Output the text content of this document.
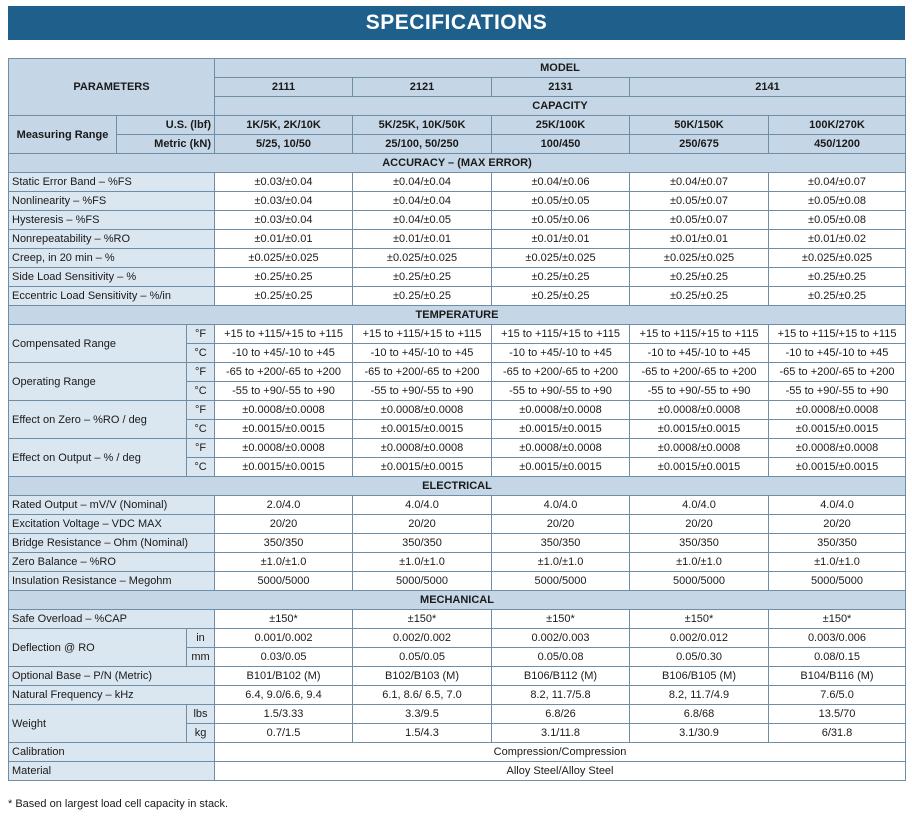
SPECIFICATIONS
PARAMETERS			MODEL				
			2111	2121	2131	2141	
			CAPACITY				
Measuring Range	U.S. (lbf)		1K/5K, 2K/10K	5K/25K, 10K/50K	25K/100K	50K/150K	100K/270K
	Metric (kN)		5/25, 10/50	25/100, 50/250	100/450	250/675	450/1200
ACCURACY – (MAX ERROR)							
Static Error Band – %FS			±0.03/±0.04	±0.04/±0.04	±0.04/±0.06	±0.04/±0.07	±0.04/±0.07
Nonlinearity – %FS			±0.03/±0.04	±0.04/±0.04	±0.05/±0.05	±0.05/±0.07	±0.05/±0.08
Hysteresis – %FS			±0.03/±0.04	±0.04/±0.05	±0.05/±0.06	±0.05/±0.07	±0.05/±0.08
Nonrepeatability – %RO			±0.01/±0.01	±0.01/±0.01	±0.01/±0.01	±0.01/±0.01	±0.01/±0.02
Creep, in 20 min – %			±0.025/±0.025	±0.025/±0.025	±0.025/±0.025	±0.025/±0.025	±0.025/±0.025
Side Load Sensitivity – %			±0.25/±0.25	±0.25/±0.25	±0.25/±0.25	±0.25/±0.25	±0.25/±0.25
Eccentric Load Sensitivity – %/in			±0.25/±0.25	±0.25/±0.25	±0.25/±0.25	±0.25/±0.25	±0.25/±0.25
TEMPERATURE							
Compensated Range		°F	+15 to +115/+15 to +115	+15 to +115/+15 to +115	+15 to +115/+15 to +115	+15 to +115/+15 to +115	+15 to +115/+15 to +115
		°C	-10 to +45/-10 to +45	-10 to +45/-10 to +45	-10 to +45/-10 to +45	-10 to +45/-10 to +45	-10 to +45/-10 to +45
Operating Range		°F	-65 to +200/-65 to +200	-65 to +200/-65 to +200	-65 to +200/-65 to +200	-65 to +200/-65 to +200	-65 to +200/-65 to +200
		°C	-55 to +90/-55 to +90	-55 to +90/-55 to +90	-55 to +90/-55 to +90	-55 to +90/-55 to +90	-55 to +90/-55 to +90
Effect on Zero – %RO / deg		°F	±0.0008/±0.0008	±0.0008/±0.0008	±0.0008/±0.0008	±0.0008/±0.0008	±0.0008/±0.0008
		°C	±0.0015/±0.0015	±0.0015/±0.0015	±0.0015/±0.0015	±0.0015/±0.0015	±0.0015/±0.0015
Effect on Output – % / deg		°F	±0.0008/±0.0008	±0.0008/±0.0008	±0.0008/±0.0008	±0.0008/±0.0008	±0.0008/±0.0008
		°C	±0.0015/±0.0015	±0.0015/±0.0015	±0.0015/±0.0015	±0.0015/±0.0015	±0.0015/±0.0015
ELECTRICAL							
Rated Output – mV/V (Nominal)			2.0/4.0	4.0/4.0	4.0/4.0	4.0/4.0	4.0/4.0
Excitation Voltage – VDC MAX			20/20	20/20	20/20	20/20	20/20
Bridge Resistance – Ohm (Nominal)			350/350	350/350	350/350	350/350	350/350
Zero Balance – %RO			±1.0/±1.0	±1.0/±1.0	±1.0/±1.0	±1.0/±1.0	±1.0/±1.0
Insulation Resistance – Megohm			5000/5000	5000/5000	5000/5000	5000/5000	5000/5000
MECHANICAL							
Safe Overload – %CAP			±150*	±150*	±150*	±150*	±150*
Deflection @ RO		in	0.001/0.002	0.002/0.002	0.002/0.003	0.002/0.012	0.003/0.006
		mm	0.03/0.05	0.05/0.05	0.05/0.08	0.05/0.30	0.08/0.15
Optional Base – P/N (Metric)			B101/B102 (M)	B102/B103 (M)	B106/B112 (M)	B106/B105 (M)	B104/B116 (M)
Natural Frequency – kHz			6.4, 9.0/6.6, 9.4	6.1, 8.6/ 6.5, 7.0	8.2, 11.7/5.8	8.2, 11.7/4.9	7.6/5.0
Weight		lbs	1.5/3.33	3.3/9.5	6.8/26	6.8/68	13.5/70
		kg	0.7/1.5	1.5/4.3	3.1/11.8	3.1/30.9	6/31.8
Calibration			Compression/Compression				
Material			Alloy Steel/Alloy Steel				
* Based on largest load cell capacity in stack.
